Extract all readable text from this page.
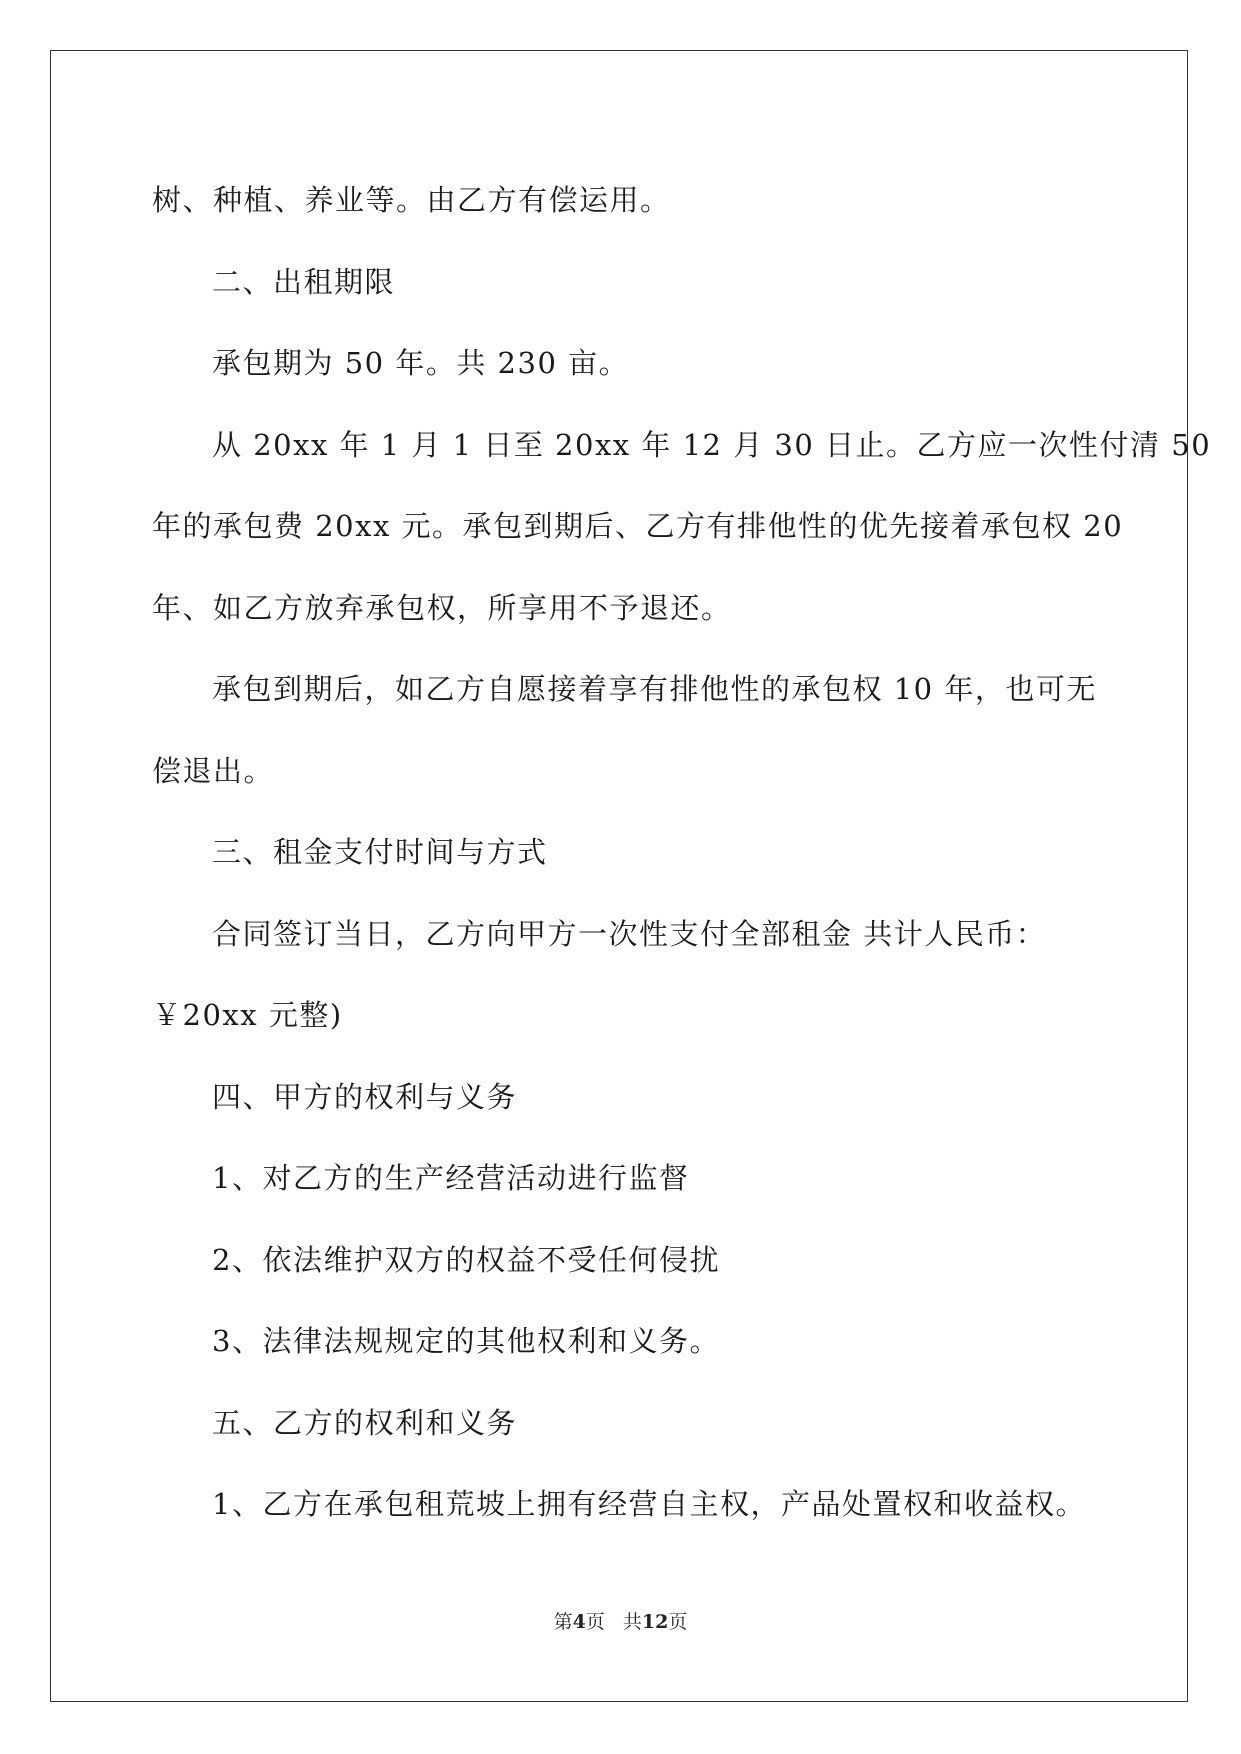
树、种植、养业等。由乙方有偿运用。
二、出租期限
承包期为 50 年。共 230 亩。
从 20xx 年 1 月 1 日至 20xx 年 12 月 30 日止。乙方应一次性付清 50
年的承包费 20xx 元。承包到期后、乙方有排他性的优先接着承包权 20
年、如乙方放弃承包权，所享用不予退还。
承包到期后，如乙方自愿接着享有排他性的承包权 10 年，也可无
偿退出。
三、租金支付时间与方式
合同签订当日，乙方向甲方一次性支付全部租金 共计人民币：
￥20xx 元整)
四、甲方的权利与义务
1、对乙方的生产经营活动进行监督
2、依法维护双方的权益不受任何侵扰
3、法律法规规定的其他权利和义务。
五、乙方的权利和义务
1、乙方在承包租荒坡上拥有经营自主权，产品处置权和收益权。
第4页 共12页
